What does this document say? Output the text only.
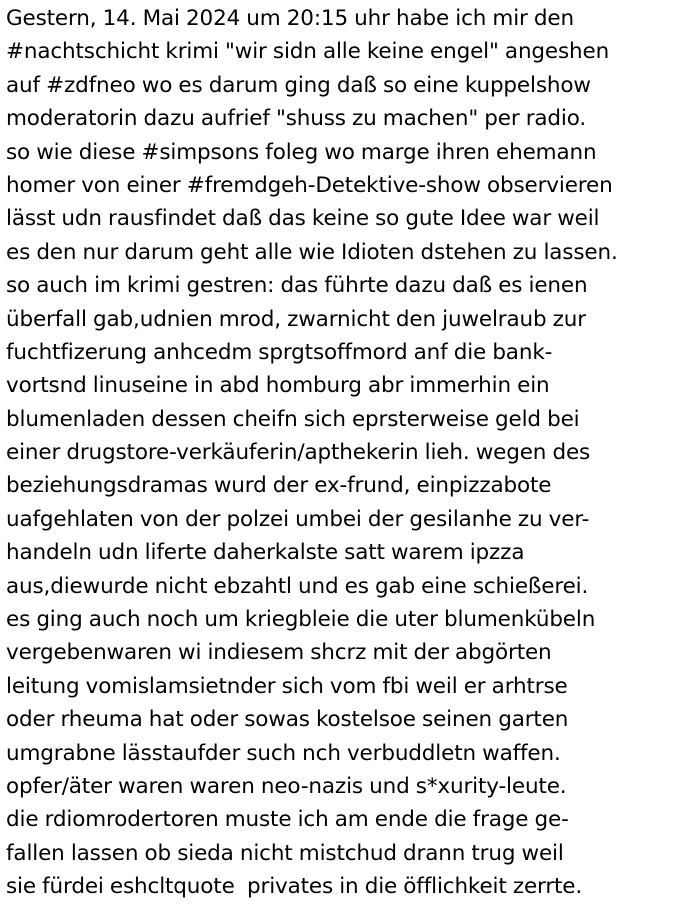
Gestern, 14. Mai 2024 um 20:15 uhr habe ich mir den
#nachtschicht krimi "wir sidn alle keine engel" angeshen
auf #zdfneo wo es darum ging daß so eine kuppelshow
moderatorin dazu aufrief "shuss zu machen" per radio.
so wie diese #simpsons foleg wo marge ihren ehemann
homer von einer #fremdgeh-Detektive-show observieren
lässt udn rausfindet daß das keine so gute Idee war weil
es den nur darum geht alle wie Idioten dstehen zu lassen.
so auch im krimi gestren: das führte dazu daß es ienen
überfall gab,udnien mrod, zwarnicht den juwelraub zur
fuchtfizerung anhcedm sprgtsoffmord anf die bank-
vortsnd linuseine in abd homburg abr immerhin ein
blumenladen dessen cheifn sich eprsterweise geld bei
einer drugstore-verkäuferin/apthekerin lieh. wegen des
beziehungsdramas wurd der ex-frund, einpizzabote
uafgehlaten von der polzei umbei der gesilanhe zu ver-
handeln udn liferte daherkalste satt warem ipzza
aus,diewurde nicht ebzahtl und es gab eine schießerei.
es ging auch noch um kriegbleie die uter blumenkübeln
vergebenwaren wi indiesem shcrz mit der abgörten
leitung vomislamsietnder sich vom fbi weil er arhtrse
oder rheuma hat oder sowas kostelsoe seinen garten
umgrabne lässtaufder such nch verbuddletn waffen.
opfer/äter waren waren neo-nazis und s*xurity-leute.
die rdiomrodertoren muste ich am ende die frage ge-
fallen lassen ob sieda nicht mistchud drann trug weil
sie fürdei eshcltquote  privates in die öfflichkeit zerrte.
